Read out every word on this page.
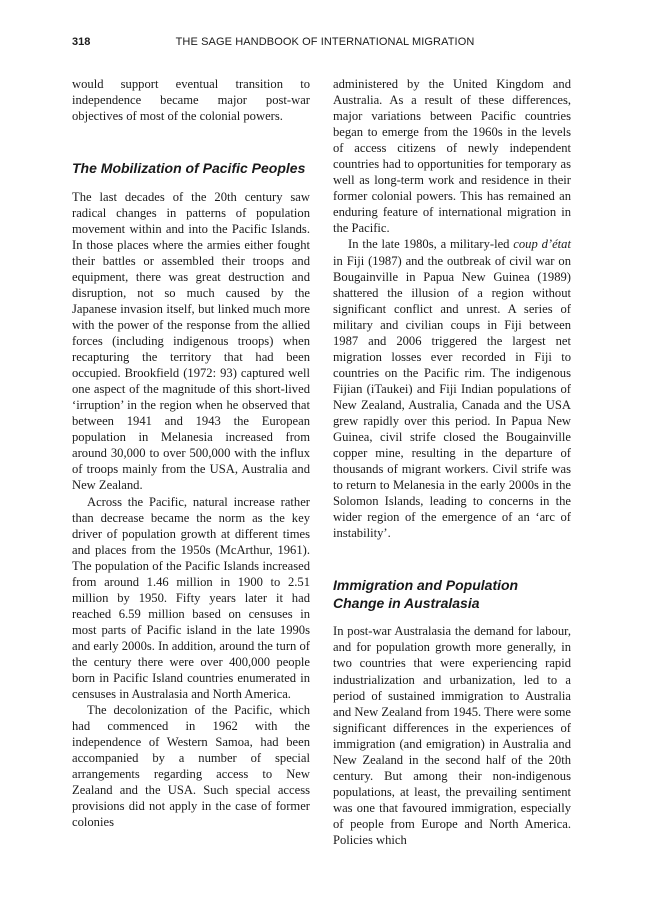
318	THE SAGE HANDBOOK OF INTERNATIONAL MIGRATION

would support eventual transition to independence became major post-war objectives of most of the colonial powers.

The Mobilization of Pacific Peoples

The last decades of the 20th century saw radical changes in patterns of population movement within and into the Pacific Islands. In those places where the armies either fought their battles or assembled their troops and equipment, there was great destruction and disruption, not so much caused by the Japanese invasion itself, but linked much more with the power of the response from the allied forces (including indigenous troops) when recapturing the territory that had been occupied. Brookfield (1972: 93) captured well one aspect of the magnitude of this short-lived ‘irruption’ in the region when he observed that between 1941 and 1943 the European population in Melanesia increased from around 30,000 to over 500,000 with the influx of troops mainly from the USA, Australia and New Zealand.

Across the Pacific, natural increase rather than decrease became the norm as the key driver of population growth at different times and places from the 1950s (McArthur, 1961). The population of the Pacific Islands increased from around 1.46 million in 1900 to 2.51 million by 1950. Fifty years later it had reached 6.59 million based on censuses in most parts of Pacific island in the late 1990s and early 2000s. In addition, around the turn of the century there were over 400,000 people born in Pacific Island countries enumerated in censuses in Australasia and North America.

The decolonization of the Pacific, which had commenced in 1962 with the independence of Western Samoa, had been accompanied by a number of special arrangements regarding access to New Zealand and the USA. Such special access provisions did not apply in the case of former colonies

administered by the United Kingdom and Australia. As a result of these differences, major variations between Pacific countries began to emerge from the 1960s in the levels of access citizens of newly independent countries had to opportunities for temporary as well as long-term work and residence in their former colonial powers. This has remained an enduring feature of international migration in the Pacific.

In the late 1980s, a military-led coup d’état in Fiji (1987) and the outbreak of civil war on Bougainville in Papua New Guinea (1989) shattered the illusion of a region without significant conflict and unrest. A series of military and civilian coups in Fiji between 1987 and 2006 triggered the largest net migration losses ever recorded in Fiji to countries on the Pacific rim. The indigenous Fijian (iTaukei) and Fiji Indian populations of New Zealand, Australia, Canada and the USA grew rapidly over this period. In Papua New Guinea, civil strife closed the Bougainville copper mine, resulting in the departure of thousands of migrant workers. Civil strife was to return to Melanesia in the early 2000s in the Solomon Islands, leading to concerns in the wider region of the emergence of an ‘arc of instability’.

Immigration and Population Change in Australasia

In post-war Australasia the demand for labour, and for population growth more generally, in two countries that were experiencing rapid industrialization and urbanization, led to a period of sustained immigration to Australia and New Zealand from 1945. There were some significant differences in the experiences of immigration (and emigration) in Australia and New Zealand in the second half of the 20th century. But among their non-indigenous populations, at least, the prevailing sentiment was one that favoured immigration, especially of people from Europe and North America. Policies which
